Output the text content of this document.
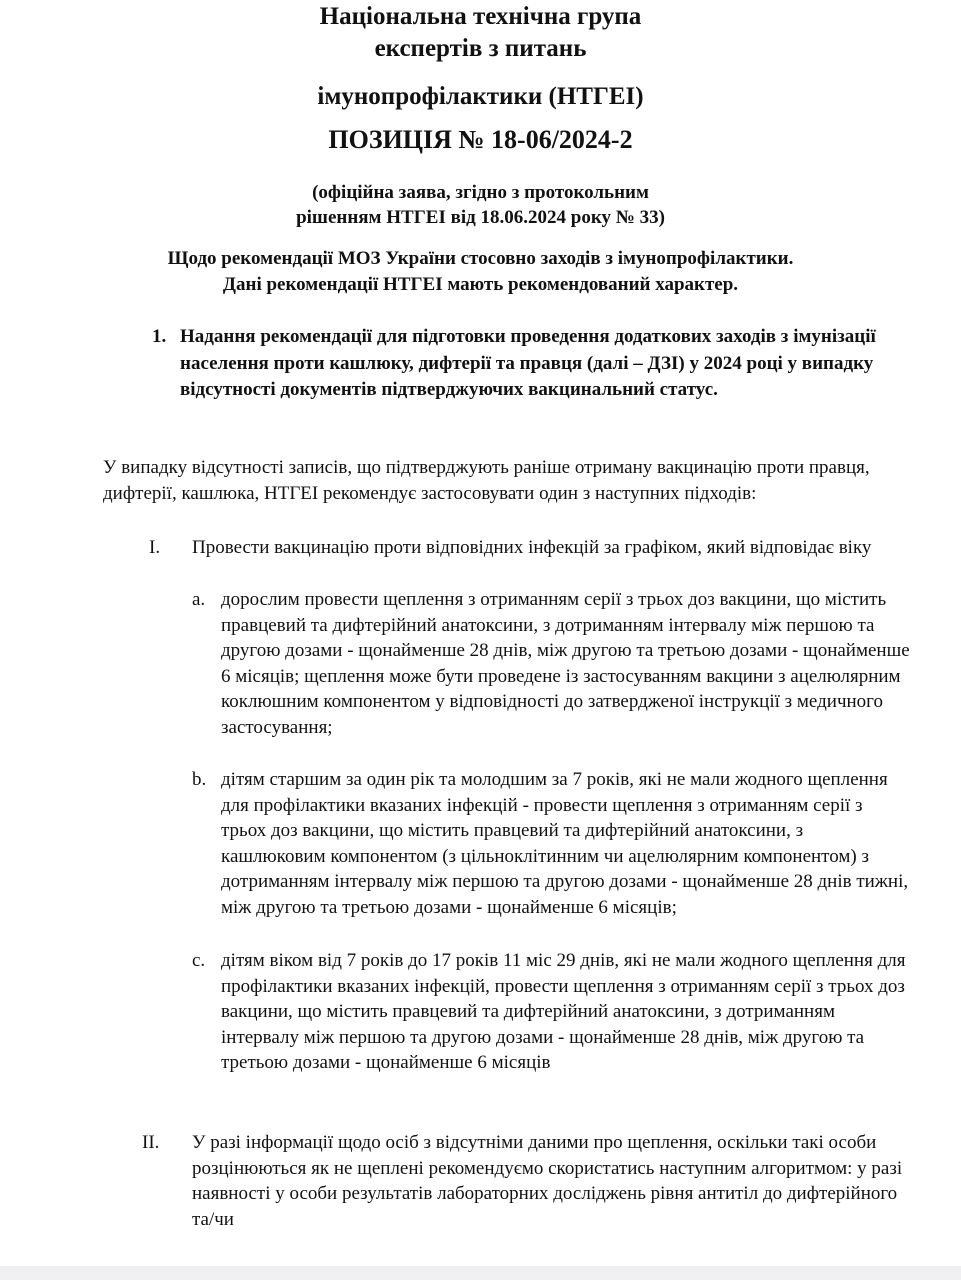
Національна технічна група
експертів з питань
імунопрофілактики (НТГЕІ)
ПОЗИЦІЯ № 18-06/2024-2
(офіційна заява, згідно з протокольним
рішенням НТГЕІ від 18.06.2024 року № 33)
Щодо рекомендації МОЗ України стосовно заходів з імунопрофілактики.
Дані рекомендації НТГЕІ мають рекомендований характер.
1. Надання рекомендації для підготовки проведення додаткових заходів з імунізації населення проти кашлюку, дифтерії та правця (далі – ДЗІ) у 2024 році у випадку відсутності документів підтверджуючих вакцинальний статус.
У випадку відсутності записів, що підтверджують раніше отриману вакцинацію проти правця, дифтерії, кашлюка, НТГЕІ рекомендує застосовувати один з наступних підходів:
I. Провести вакцинацію проти відповідних інфекцій за графіком, який відповідає віку
a. дорослим провести щеплення з отриманням серії з трьох доз вакцини, що містить правцевий та дифтерійний анатоксини, з дотриманням інтервалу між першою та другою дозами - щонайменше 28 днів, між другою та третьою дозами - щонайменше 6 місяців; щеплення може бути проведене із застосуванням вакцини з ацелюлярним коклюшним компонентом у відповідності до затвердженої інструкції з медичного застосування;
b. дітям старшим за один рік та молодшим за 7 років, які не мали жодного щеплення для профілактики вказаних інфекцій - провести щеплення з отриманням серії з трьох доз вакцини, що містить правцевий та дифтерійний анатоксини, з кашлюковим компонентом (з цільноклітинним чи ацелюлярним компонентом) з дотриманням інтервалу між першою та другою дозами - щонайменше 28 днів тижні, між другою та третьою дозами - щонайменше 6 місяців;
c. дітям віком від 7 років до 17 років 11 міс 29 днів, які не мали жодного щеплення для профілактики вказаних інфекцій, провести щеплення з отриманням серії з трьох доз вакцини, що містить правцевий та дифтерійний анатоксини, з дотриманням інтервалу між першою та другою дозами - щонайменше 28 днів, між другою та третьою дозами - щонайменше 6 місяців
II. У разі інформації щодо осіб з відсутніми даними про щеплення, оскільки такі особи розцінюються як не щеплені рекомендуємо скористатись наступним алгоритмом: у разі наявності у особи результатів лабораторних досліджень рівня антитіл до дифтерійного та/чи
